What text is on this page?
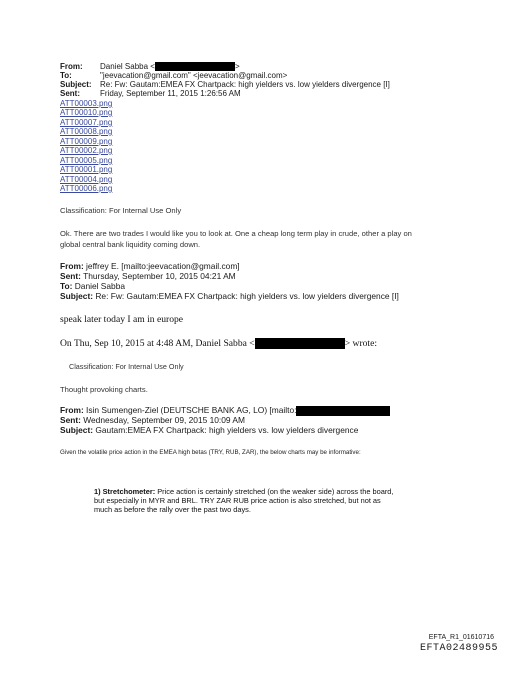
From: Daniel Sabba <	>
To:	"jeevacation@gmail.com" <jeevacation@gmail.com>
Subject: Re: Fw: Gautam:EMEA FX Chartpack: high yielders vs. low yielders divergence [I]
Sent:	Friday, September 11, 2015 1:26:56 AM
ATT00003.png
ATT00010.png
ATT00007.png
ATT00008.png
ATT00009.png
ATT00002.png
ATT00005.png
ATT00001.png
ATT00004.png
ATT00006.png
Classification: For Internal Use Only
Ok. There are two trades I would like you to look at. One a cheap long term play in crude, other a play on
global central bank liquidity coming down.
From: jeffrey E. [mailto:jeevacation@gmail.com]
Sent: Thursday, September 10, 2015 04:21 AM
To: Daniel Sabba
Subject: Re: Fw: Gautam:EMEA FX Chartpack: high yielders vs. low yielders divergence [I]
speak later today I am in europe
On Thu, Sep 10, 2015 at 4:48 AM, Daniel Sabba <	> wrote:
Classification: For Internal Use Only
Thought provoking charts.
From: Isin Sumengen-Ziel (DEUTSCHE BANK AG, LO) [mailto:
Sent: Wednesday, September 09, 2015 10:09 AM
Subject: Gautam:EMEA FX Chartpack: high yielders vs. low yielders divergence
Given the volatile price action in the EMEA high betas (TRY, RUB, ZAR), the below charts may be informative:
1) Stretchometer: Price action is certainly stretched (on the weaker side) across the board,
but especially in MYR and BRL. TRY ZAR RUB price action is also stretched, but not as
much as before the rally over the past two days.
EFTA_R1_01610716
EFTA02489955
